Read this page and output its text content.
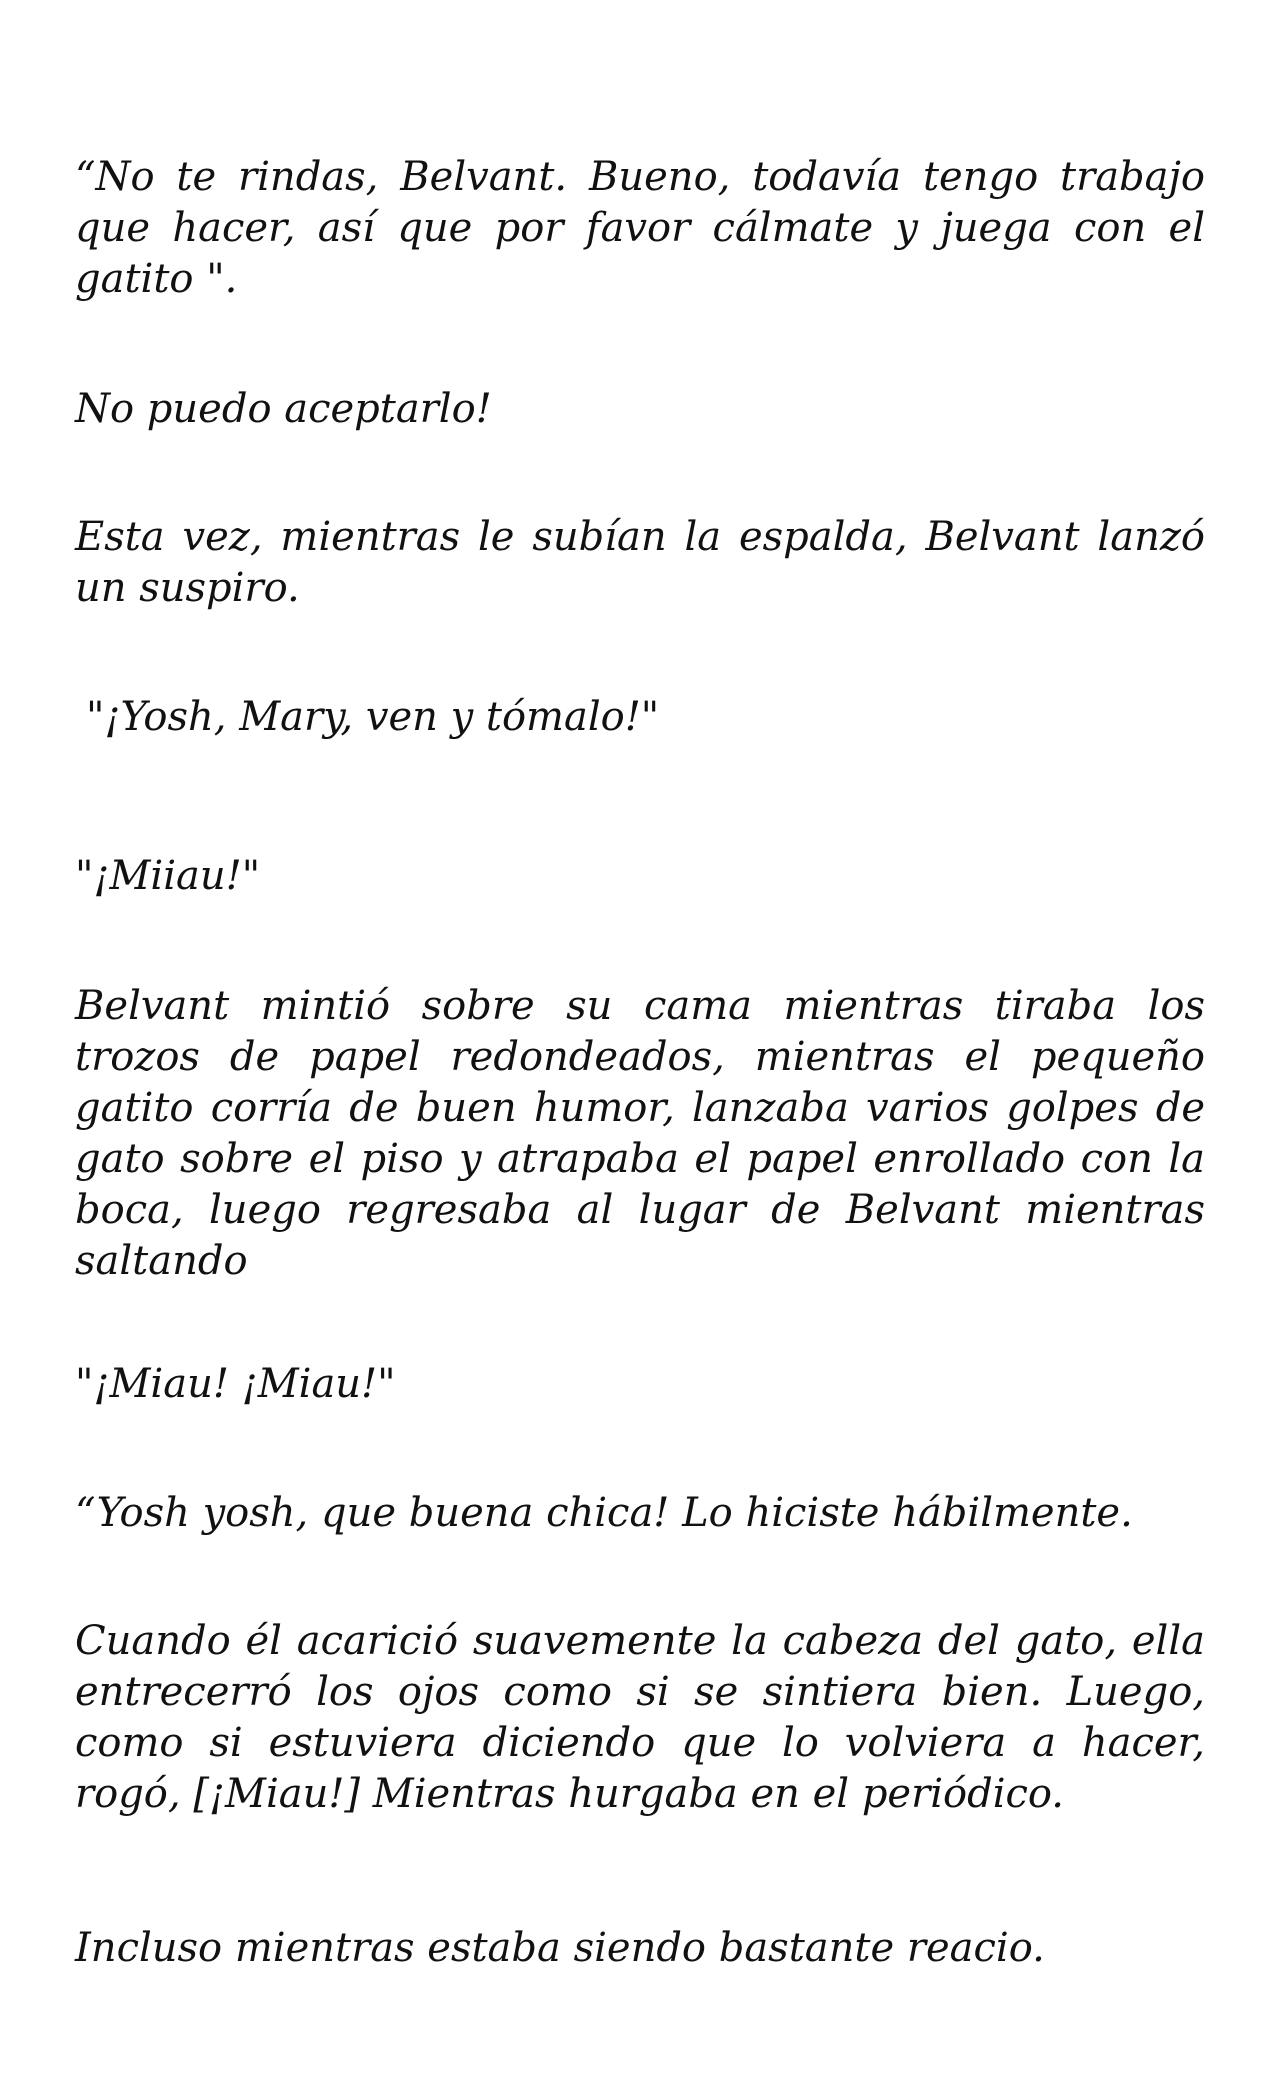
“No te rindas, Belvant. Bueno, todavía tengo trabajo que hacer, así que por favor cálmate y juega con el gatito ".

No puedo aceptarlo!

Esta vez, mientras le subían la espalda, Belvant lanzó un suspiro.

"¡Yosh, Mary, ven y tómalo!"

"¡Miiau!"

Belvant mintió sobre su cama mientras tiraba los trozos de papel redondeados, mientras el pequeño gatito corría de buen humor, lanzaba varios golpes de gato sobre el piso y atrapaba el papel enrollado con la boca, luego regresaba al lugar de Belvant mientras saltando

"¡Miau! ¡Miau!"

“Yosh yosh, que buena chica! Lo hiciste hábilmente.

Cuando él acarició suavemente la cabeza del gato, ella entrecerró los ojos como si se sintiera bien. Luego, como si estuviera diciendo que lo volviera a hacer, rogó, [¡Miau!] Mientras hurgaba en el periódico.

Incluso mientras estaba siendo bastante reacio.
